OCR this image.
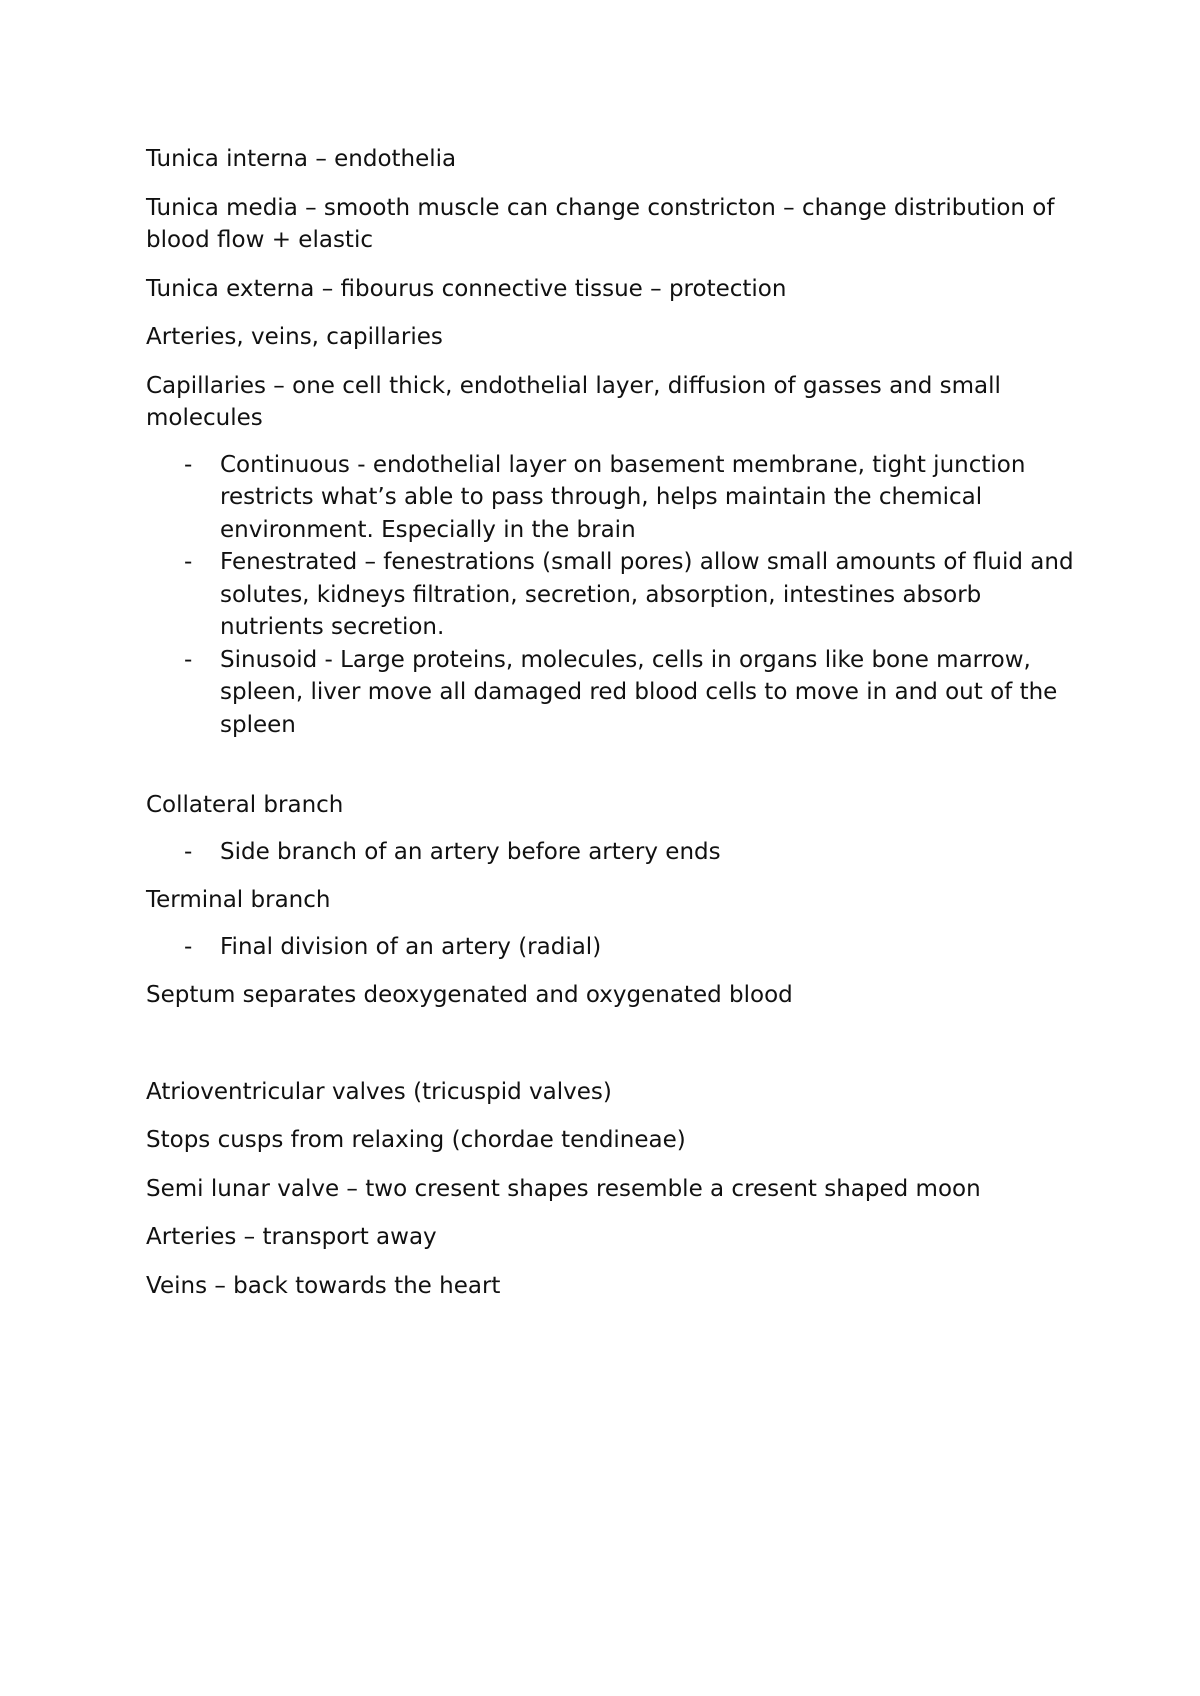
Tunica interna – endothelia

Tunica media – smooth muscle can change constricton – change distribution of blood flow + elastic

Tunica externa – fibourus connective tissue – protection

Arteries, veins, capillaries

Capillaries – one cell thick, endothelial layer, diffusion of gasses and small molecules

- Continuous - endothelial layer on basement membrane, tight junction restricts what’s able to pass through, helps maintain the chemical environment. Especially in the brain
- Fenestrated – fenestrations (small pores) allow small amounts of fluid and solutes, kidneys filtration, secretion, absorption, intestines absorb nutrients secretion.
- Sinusoid - Large proteins, molecules, cells in organs like bone marrow, spleen, liver move all damaged red blood cells to move in and out of the spleen

Collateral branch

- Side branch of an artery before artery ends

Terminal branch

- Final division of an artery (radial)

Septum separates deoxygenated and oxygenated blood

Atrioventricular valves (tricuspid valves)

Stops cusps from relaxing (chordae tendineae)

Semi lunar valve – two cresent shapes resemble a cresent shaped moon

Arteries – transport away

Veins – back towards the heart
